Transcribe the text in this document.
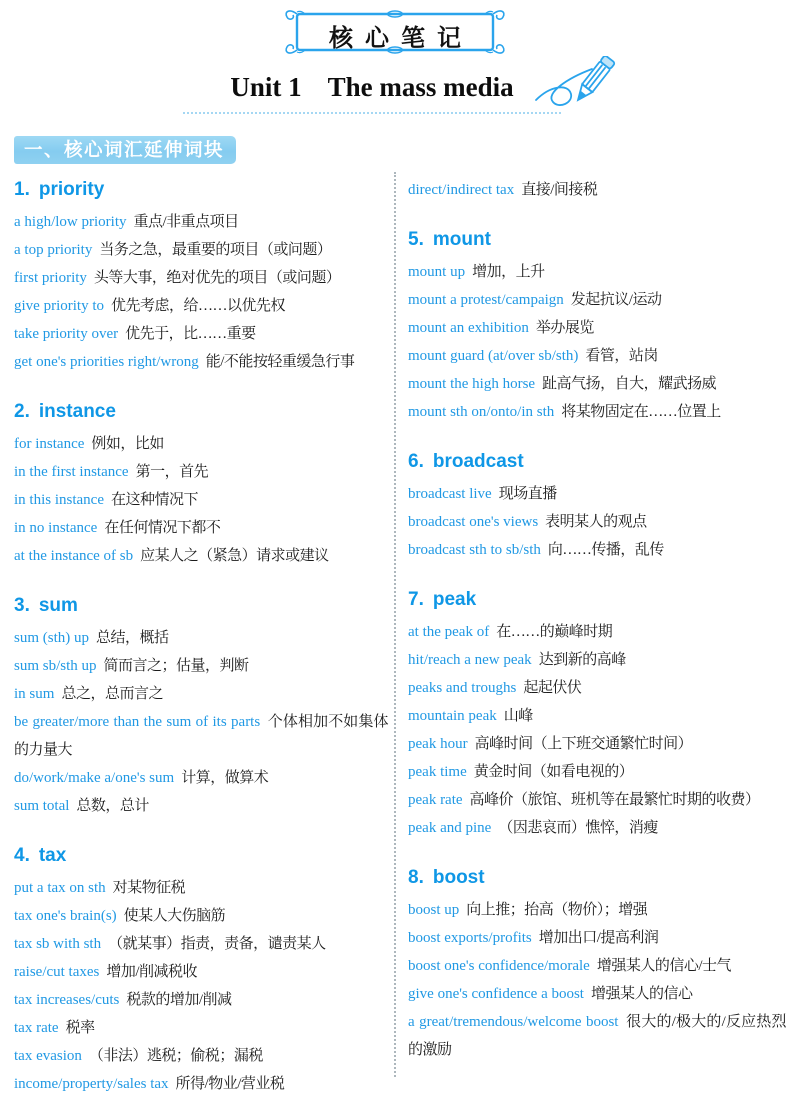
核心笔记
Unit 1 The mass media
一、核心词汇延伸词块
1. priority

a high/low priority 重点/非重点项目

a top priority 当务之急，最重要的项目（或问题）

first priority 头等大事，绝对优先的项目（或问题）

give priority to 优先考虑，给……以优先权

take priority over 优先于，比……重要

get one's priorities right/wrong 能/不能按轻重缓急行事

2. instance

for instance 例如，比如

in the first instance 第一，首先

in this instance 在这种情况下

in no instance 在任何情况下都不

at the instance of sb 应某人之（紧急）请求或建议

3. sum

sum (sth) up 总结，概括

sum sb/sth up 简而言之；估量，判断

in sum 总之，总而言之

be greater/more than the sum of its parts 个体相加不如集体的力量大

do/work/make a/one's sum 计算，做算术

sum total 总数，总计

4. tax

put a tax on sth 对某物征税

tax one's brain(s) 使某人大伤脑筋

tax sb with sth （就某事）指责，责备，谴责某人

raise/cut taxes 增加/削减税收

tax increases/cuts 税款的增加/削减

tax rate 税率

tax evasion （非法）逃税；偷税；漏税

income/property/sales tax 所得/物业/营业税

direct/indirect tax 直接/间接税

5. mount

mount up 增加，上升

mount a protest/campaign 发起抗议/运动

mount an exhibition 举办展览

mount guard (at/over sb/sth) 看管，站岗

mount the high horse 趾高气扬，自大，耀武扬威

mount sth on/onto/in sth 将某物固定在……位置上

6. broadcast

broadcast live 现场直播

broadcast one's views 表明某人的观点

broadcast sth to sb/sth 向……传播，乱传

7. peak

at the peak of 在……的巅峰时期

hit/reach a new peak 达到新的高峰

peaks and troughs 起起伏伏

mountain peak 山峰

peak hour 高峰时间（上下班交通繁忙时间）

peak time 黄金时间（如看电视的）

peak rate 高峰价（旅馆、班机等在最繁忙时期的收费）

peak and pine （因悲哀而）憔悴，消瘦

8. boost

boost up 向上推；抬高（物价）；增强

boost exports/profits 增加出口/提高利润

boost one's confidence/morale 增强某人的信心/士气

give one's confidence a boost 增强某人的信心

a great/tremendous/welcome boost 很大的/极大的/反应热烈的激励
